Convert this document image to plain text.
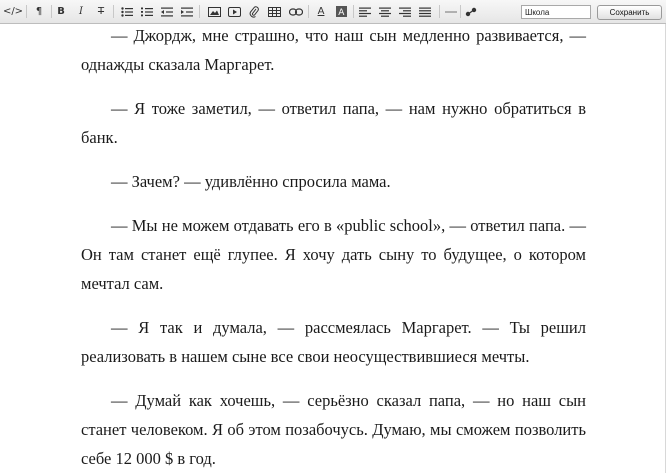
</>	¶	B	I	T	A	A
Школа	Сохранить

— Джордж, мне страшно, что наш сын медленно развивается, — однажды сказала Маргарет.

— Я тоже заметил, — ответил папа, — нам нужно обратиться в банк.

— Зачем? — удивлённо спросила мама.

— Мы не можем отдавать его в «public school», — ответил папа. — Он там станет ещё глупее. Я хочу дать сыну то будущее, о котором мечтал сам.

— Я так и думала, — рассмеялась Маргарет. — Ты решил реализовать в нашем сыне все свои неосуществившиеся мечты.

— Думай как хочешь, — серьёзно сказал папа, — но наш сын станет человеком. Я об этом позабочусь. Думаю, мы сможем позволить себе 12 000 $ в год.
